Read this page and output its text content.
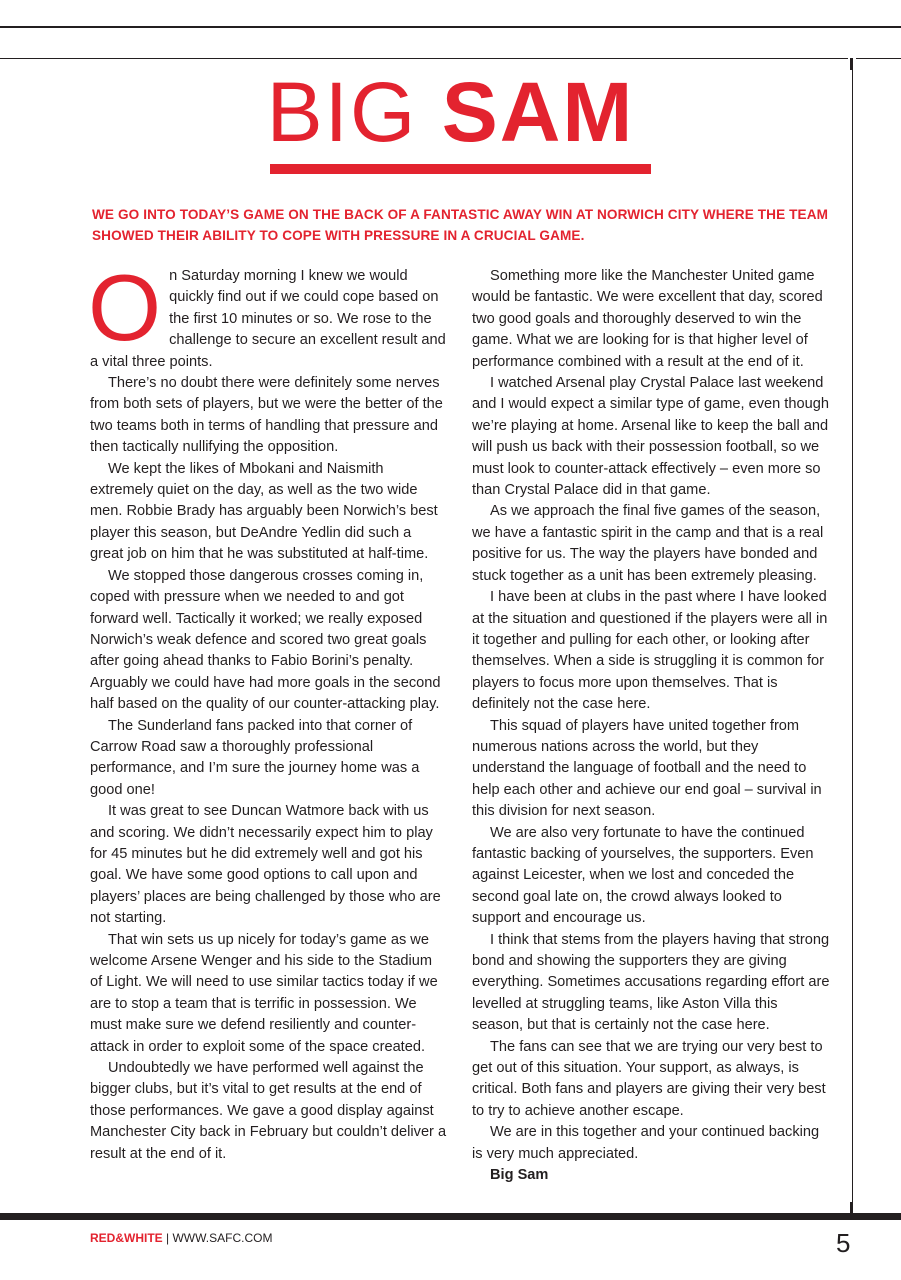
BIG SAM
WE GO INTO TODAY’S GAME ON THE BACK OF A FANTASTIC AWAY WIN AT NORWICH CITY WHERE THE TEAM SHOWED THEIR ABILITY TO COPE WITH PRESSURE IN A CRUCIAL GAME.

On Saturday morning I knew we would quickly find out if we could cope based on the first 10 minutes or so. We rose to the challenge to secure an excellent result and a vital three points.

There’s no doubt there were definitely some nerves from both sets of players, but we were the better of the two teams both in terms of handling that pressure and then tactically nullifying the opposition.

We kept the likes of Mbokani and Naismith extremely quiet on the day, as well as the two wide men. Robbie Brady has arguably been Norwich’s best player this season, but DeAndre Yedlin did such a great job on him that he was substituted at half-time.

We stopped those dangerous crosses coming in, coped with pressure when we needed to and got forward well. Tactically it worked; we really exposed Norwich’s weak defence and scored two great goals after going ahead thanks to Fabio Borini’s penalty. Arguably we could have had more goals in the second half based on the quality of our counter-attacking play.

The Sunderland fans packed into that corner of Carrow Road saw a thoroughly professional performance, and I’m sure the journey home was a good one!

It was great to see Duncan Watmore back with us and scoring. We didn’t necessarily expect him to play for 45 minutes but he did extremely well and got his goal. We have some good options to call upon and players’ places are being challenged by those who are not starting.

That win sets us up nicely for today’s game as we welcome Arsene Wenger and his side to the Stadium of Light. We will need to use similar tactics today if we are to stop a team that is terrific in possession. We must make sure we defend resiliently and counter-attack in order to exploit some of the space created.

Undoubtedly we have performed well against the bigger clubs, but it’s vital to get results at the end of those performances. We gave a good display against Manchester City back in February but couldn’t deliver a result at the end of it.

Something more like the Manchester United game would be fantastic. We were excellent that day, scored two good goals and thoroughly deserved to win the game. What we are looking for is that higher level of performance combined with a result at the end of it.

I watched Arsenal play Crystal Palace last weekend and I would expect a similar type of game, even though we’re playing at home. Arsenal like to keep the ball and will push us back with their possession football, so we must look to counter-attack effectively – even more so than Crystal Palace did in that game.

As we approach the final five games of the season, we have a fantastic spirit in the camp and that is a real positive for us. The way the players have bonded and stuck together as a unit has been extremely pleasing.

I have been at clubs in the past where I have looked at the situation and questioned if the players were all in it together and pulling for each other, or looking after themselves. When a side is struggling it is common for players to focus more upon themselves. That is definitely not the case here.

This squad of players have united together from numerous nations across the world, but they understand the language of football and the need to help each other and achieve our end goal – survival in this division for next season.

We are also very fortunate to have the continued fantastic backing of yourselves, the supporters. Even against Leicester, when we lost and conceded the second goal late on, the crowd always looked to support and encourage us.

I think that stems from the players having that strong bond and showing the supporters they are giving everything. Sometimes accusations regarding effort are levelled at struggling teams, like Aston Villa this season, but that is certainly not the case here.

The fans can see that we are trying our very best to get out of this situation. Your support, as always, is critical. Both fans and players are giving their very best to try to achieve another escape.

We are in this together and your continued backing is very much appreciated.

Big Sam

RED&WHITE | WWW.SAFC.COM	5
